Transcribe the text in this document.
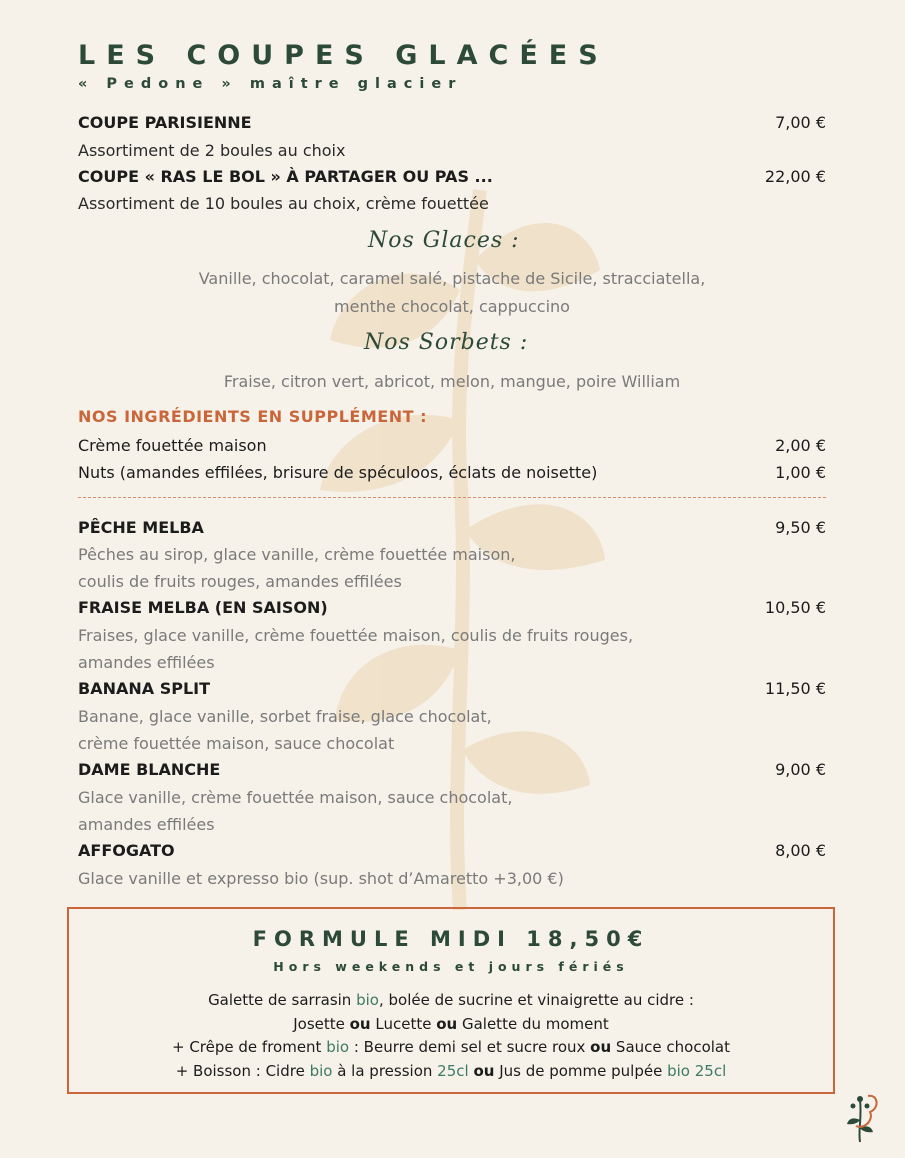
LES COUPES GLACÉES
« Pedone » maître glacier
COUPE PARISIENNE	7,00 €
Assortiment de 2 boules au choix
COUPE « RAS LE BOL » À PARTAGER OU PAS ...	22,00 €
Assortiment de 10 boules au choix, crème fouettée
Nos Glaces :
Vanille, chocolat, caramel salé, pistache de Sicile, stracciatella,
menthe chocolat, cappuccino
Nos Sorbets :
Fraise, citron vert, abricot, melon, mangue, poire William
NOS INGRÉDIENTS EN SUPPLÉMENT :
Crème fouettée maison	2,00 €
Nuts (amandes effilées, brisure de spéculoos, éclats de noisette)	1,00 €
PÊCHE MELBA	9,50 €
Pêches au sirop, glace vanille, crème fouettée maison,
coulis de fruits rouges, amandes effilées
FRAISE MELBA (EN SAISON)	10,50 €
Fraises, glace vanille, crème fouettée maison, coulis de fruits rouges,
amandes effilées
BANANA SPLIT	11,50 €
Banane, glace vanille, sorbet fraise, glace chocolat,
crème fouettée maison, sauce chocolat
DAME BLANCHE	9,00 €
Glace vanille, crème fouettée maison, sauce chocolat,
amandes effilées
AFFOGATO	8,00 €
Glace vanille et expresso bio (sup. shot d’Amaretto +3,00 €)
FORMULE MIDI 18,50€
Hors weekends et jours fériés
Galette de sarrasin bio, bolée de sucrine et vinaigrette au cidre :
Josette ou Lucette ou Galette du moment
+ Crêpe de froment bio : Beurre demi sel et sucre roux ou Sauce chocolat
+ Boisson : Cidre bio à la pression 25cl ou Jus de pomme pulpée bio 25cl
